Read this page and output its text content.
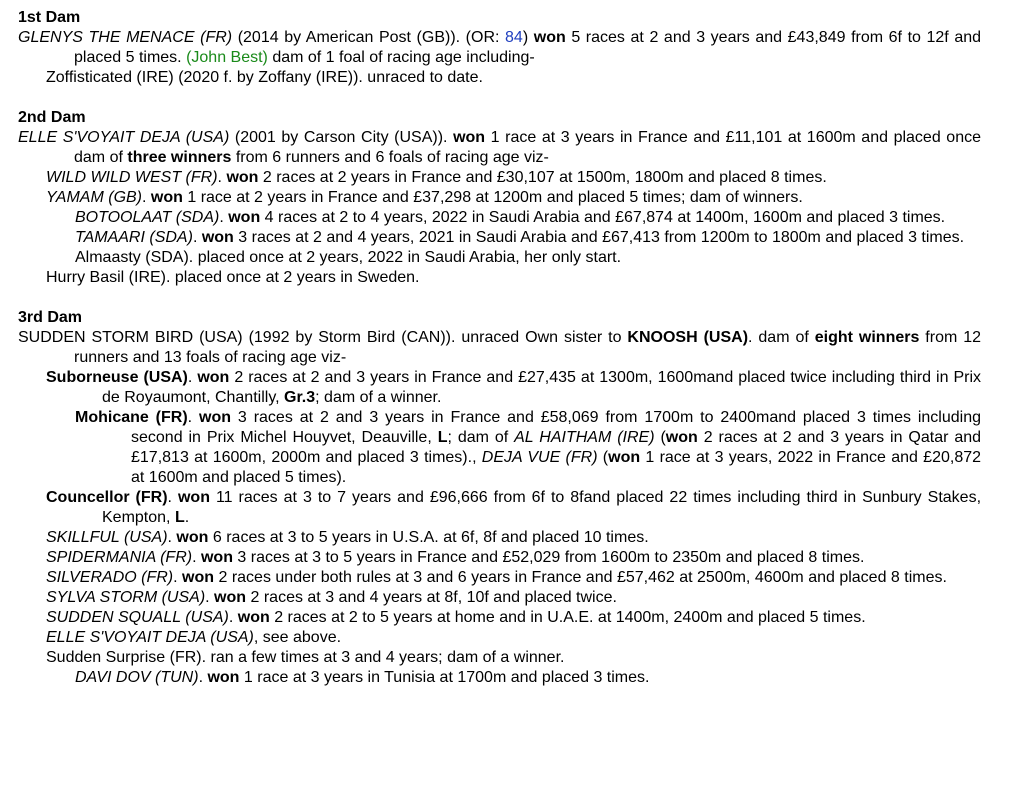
1st Dam
GLENYS THE MENACE (FR) (2014 by American Post (GB)). (OR: 84) won 5 races at 2 and 3 years and £43,849 from 6f to 12f and placed 5 times. (John Best) dam of 1 foal of racing age including-
Zoffisticated (IRE) (2020 f. by Zoffany (IRE)). unraced to date.
2nd Dam
ELLE S'VOYAIT DEJA (USA) (2001 by Carson City (USA)). won 1 race at 3 years in France and £11,101 at 1600m and placed once dam of three winners from 6 runners and 6 foals of racing age viz-
WILD WILD WEST (FR). won 2 races at 2 years in France and £30,107 at 1500m, 1800m and placed 8 times.
YAMAM (GB). won 1 race at 2 years in France and £37,298 at 1200m and placed 5 times; dam of winners.
BOTOOLAAT (SDA). won 4 races at 2 to 4 years, 2022 in Saudi Arabia and £67,874 at 1400m, 1600m and placed 3 times.
TAMAARI (SDA). won 3 races at 2 and 4 years, 2021 in Saudi Arabia and £67,413 from 1200m to 1800m and placed 3 times.
Almaasty (SDA). placed once at 2 years, 2022 in Saudi Arabia, her only start.
Hurry Basil (IRE). placed once at 2 years in Sweden.
3rd Dam
SUDDEN STORM BIRD (USA) (1992 by Storm Bird (CAN)). unraced Own sister to KNOOSH (USA). dam of eight winners from 12 runners and 13 foals of racing age viz-
Suborneuse (USA). won 2 races at 2 and 3 years in France and £27,435 at 1300m, 1600mand placed twice including third in Prix de Royaumont, Chantilly, Gr.3; dam of a winner.
Mohicane (FR). won 3 races at 2 and 3 years in France and £58,069 from 1700m to 2400mand placed 3 times including second in Prix Michel Houyvet, Deauville, L; dam of AL HAITHAM (IRE) (won 2 races at 2 and 3 years in Qatar and £17,813 at 1600m, 2000m and placed 3 times)., DEJA VUE (FR) (won 1 race at 3 years, 2022 in France and £20,872 at 1600m and placed 5 times).
Councellor (FR). won 11 races at 3 to 7 years and £96,666 from 6f to 8fand placed 22 times including third in Sunbury Stakes, Kempton, L.
SKILLFUL (USA). won 6 races at 3 to 5 years in U.S.A. at 6f, 8f and placed 10 times.
SPIDERMANIA (FR). won 3 races at 3 to 5 years in France and £52,029 from 1600m to 2350m and placed 8 times.
SILVERADO (FR). won 2 races under both rules at 3 and 6 years in France and £57,462 at 2500m, 4600m and placed 8 times.
SYLVA STORM (USA). won 2 races at 3 and 4 years at 8f, 10f and placed twice.
SUDDEN SQUALL (USA). won 2 races at 2 to 5 years at home and in U.A.E. at 1400m, 2400m and placed 5 times.
ELLE S'VOYAIT DEJA (USA), see above.
Sudden Surprise (FR). ran a few times at 3 and 4 years; dam of a winner.
DAVI DOV (TUN). won 1 race at 3 years in Tunisia at 1700m and placed 3 times.
